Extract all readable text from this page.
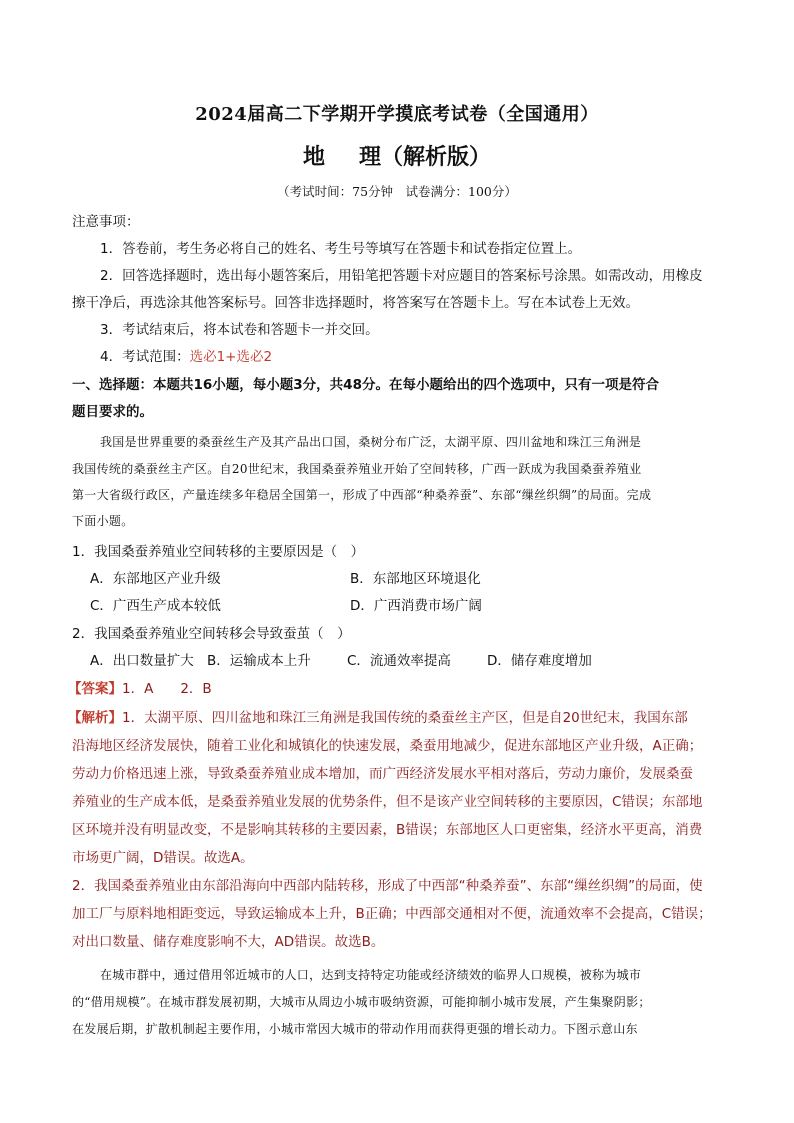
2024届高二下学期开学摸底考试卷（全国通用）
地 理（解析版）
（考试时间：75分钟　试卷满分：100分）
注意事项：
1．答卷前，考生务必将自己的姓名、考生号等填写在答题卡和试卷指定位置上。
2．回答选择题时，选出每小题答案后，用铅笔把答题卡对应题目的答案标号涂黑。如需改动，用橡皮
擦干净后，再选涂其他答案标号。回答非选择题时，将答案写在答题卡上。写在本试卷上无效。
3．考试结束后，将本试卷和答题卡一并交回。
4．考试范围：选必1+选必2
一、选择题：本题共16小题，每小题3分，共48分。在每小题给出的四个选项中，只有一项是符合
题目要求的。
我国是世界重要的桑蚕丝生产及其产品出口国，桑树分布广泛，太湖平原、四川盆地和珠江三角洲是
我国传统的桑蚕丝主产区。自20世纪末，我国桑蚕养殖业开始了空间转移，广西一跃成为我国桑蚕养殖业
第一大省级行政区，产量连续多年稳居全国第一，形成了中西部“种桑养蚕”、东部“缫丝织绸”的局面。完成
下面小题。
1．我国桑蚕养殖业空间转移的主要原因是（　）
A．东部地区产业升级	B．东部地区环境退化
C．广西生产成本较低	D．广西消费市场广阔
2．我国桑蚕养殖业空间转移会导致蚕茧（　）
A．出口数量扩大 B．运输成本上升	C．流通效率提高	D．储存难度增加
【答案】1．A　　2．B
【解析】1．太湖平原、四川盆地和珠江三角洲是我国传统的桑蚕丝主产区，但是自20世纪末，我国东部
沿海地区经济发展快，随着工业化和城镇化的快速发展，桑蚕用地减少，促进东部地区产业升级，A正确；
劳动力价格迅速上涨，导致桑蚕养殖业成本增加，而广西经济发展水平相对落后，劳动力廉价，发展桑蚕
养殖业的生产成本低，是桑蚕养殖业发展的优势条件，但不是该产业空间转移的主要原因，C错误；东部地
区环境并没有明显改变，不是影响其转移的主要因素，B错误；东部地区人口更密集，经济水平更高，消费
市场更广阔，D错误。故选A。
2．我国桑蚕养殖业由东部沿海向中西部内陆转移，形成了中西部“种桑养蚕”、东部“缫丝织绸”的局面，使
加工厂与原料地相距变远，导致运输成本上升，B正确；中西部交通相对不便，流通效率不会提高，C错误；
对出口数量、储存难度影响不大，AD错误。故选B。
在城市群中，通过借用邻近城市的人口，达到支持特定功能或经济绩效的临界人口规模，被称为城市
的“借用规模”。在城市群发展初期，大城市从周边小城市吸纳资源，可能抑制小城市发展，产生集聚阴影；
在发展后期，扩散机制起主要作用，小城市常因大城市的带动作用而获得更强的增长动力。下图示意山东
